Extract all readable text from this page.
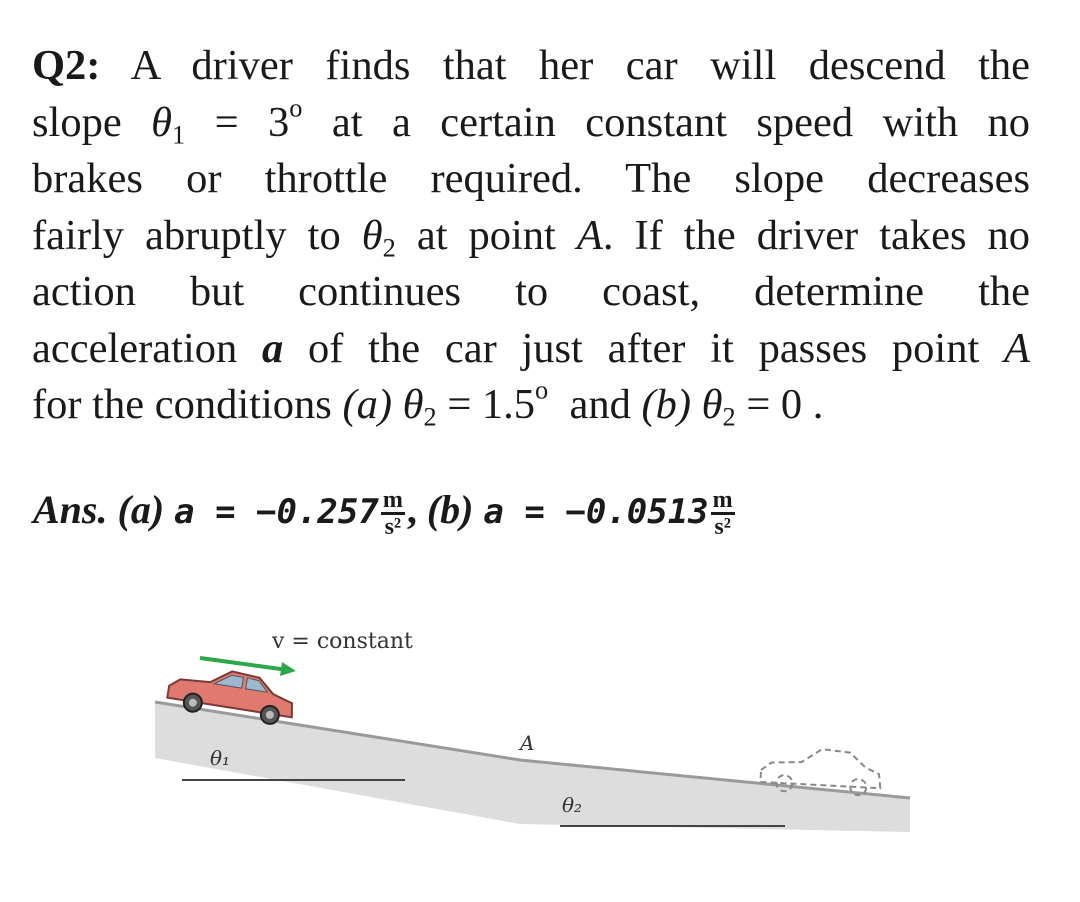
Q2: A driver finds that her car will descend the
slope $\theta_1 = 3^o$ at a certain constant speed with no
brakes or throttle required. The slope decreases
fairly abruptly to $\theta_2$ at point A. If the driver takes no
action but continues to coast, determine the
acceleration a of the car just after it passes point A
for the conditions (a) $\theta_2 = 1.5^o$ and (b) $\theta_2 = 0$ .
Ans. (a) $a = -0.257 \frac{m}{\text{s²}}$ , (b) $a = -0.0513 \frac{m}{\text{s²}}$
v = constant
A
θ₁
θ₂
